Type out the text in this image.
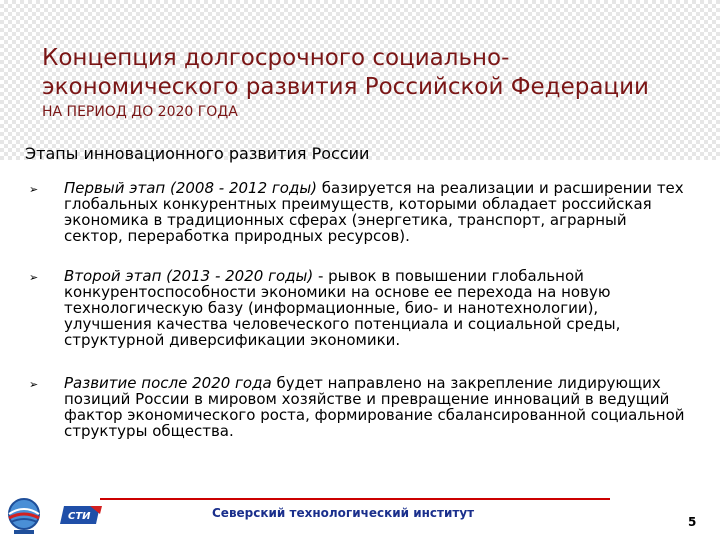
Концепция долгосрочного социально-экономического развития Российской Федерации
НА ПЕРИОД ДО 2020 ГОДА
Этапы инновационного развития России
➢ Первый этап (2008 - 2012 годы) базируется на реализации и расширении тех глобальных конкурентных преимуществ, которыми обладает российская экономика в традиционных сферах (энергетика, транспорт, аграрный сектор, переработка природных ресурсов).
➢ Второй этап (2013 - 2020 годы) - рывок в повышении глобальной конкурентоспособности экономики на основе ее перехода на новую технологическую базу (информационные, био- и нанотехнологии), улучшения качества человеческого потенциала и социальной среды, структурной диверсификации экономики.
➢ Развитие после 2020 года будет направлено на закрепление лидирующих позиций России в мировом хозяйстве и превращение инноваций в ведущий фактор экономического роста, формирование сбалансированной социальной структуры общества.
СТИ	Северский технологический институт
5
